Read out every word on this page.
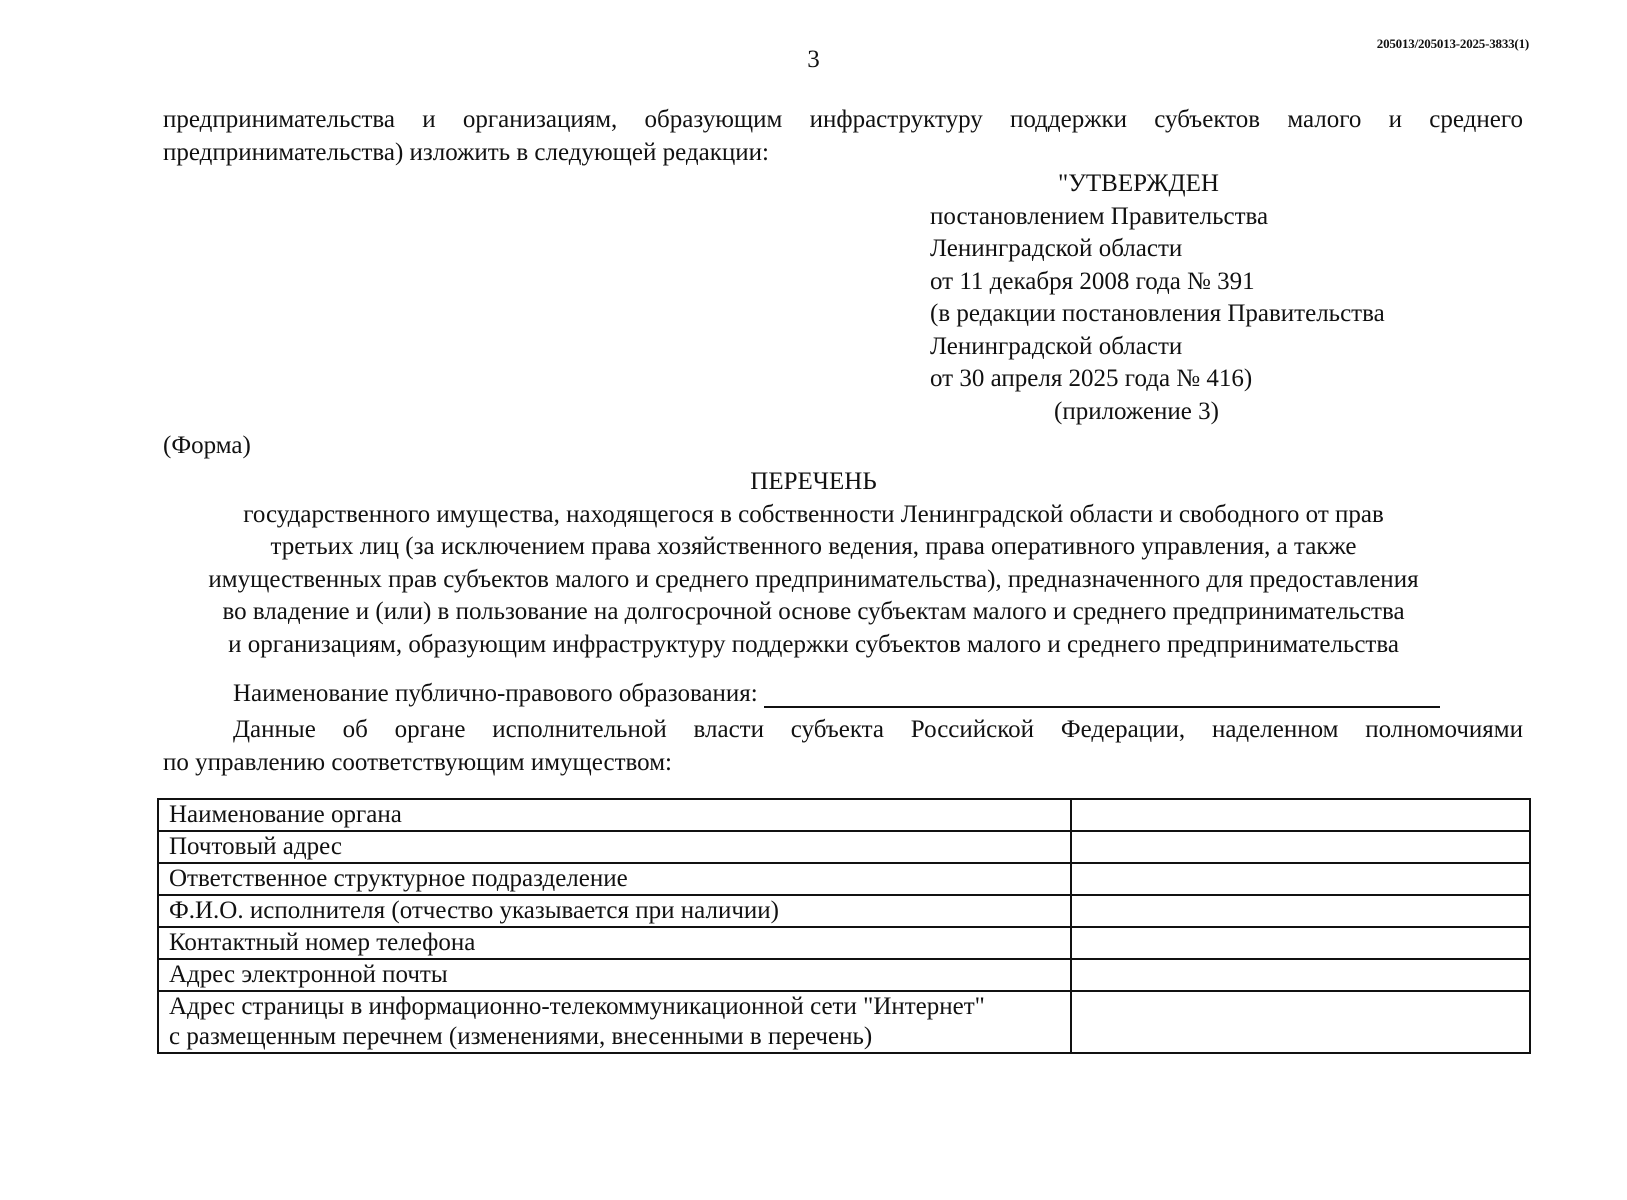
205013/205013-2025-3833(1)
3
предпринимательства и организациям, образующим инфраструктуру поддержки субъектов малого и среднего
предпринимательства) изложить в следующей редакции:
"УТВЕРЖДЕН
постановлением Правительства
Ленинградской области
от 11 декабря 2008 года № 391
(в редакции постановления Правительства
Ленинградской области
от 30 апреля 2025 года № 416)
(приложение 3)
(Форма)
ПЕРЕЧЕНЬ
государственного имущества, находящегося в собственности Ленинградской области и свободного от прав
третьих лиц (за исключением права хозяйственного ведения, права оперативного управления, а также
имущественных прав субъектов малого и среднего предпринимательства), предназначенного для предоставления
во владение и (или) в пользование на долгосрочной основе субъектам малого и среднего предпринимательства
и организациям, образующим инфраструктуру поддержки субъектов малого и среднего предпринимательства
Наименование публично-правового образования:
Данные об органе исполнительной власти субъекта Российской Федерации, наделенном полномочиями
по управлению соответствующим имуществом:
Наименование органа	
Почтовый адрес	
Ответственное структурное подразделение	
Ф.И.О. исполнителя (отчество указывается при наличии)	
Контактный номер телефона	
Адрес электронной почты	

Адрес страницы в информационно-телекоммуникационной сети "Интернет"
с размещенным перечнем (изменениями, внесенными в перечень)	
